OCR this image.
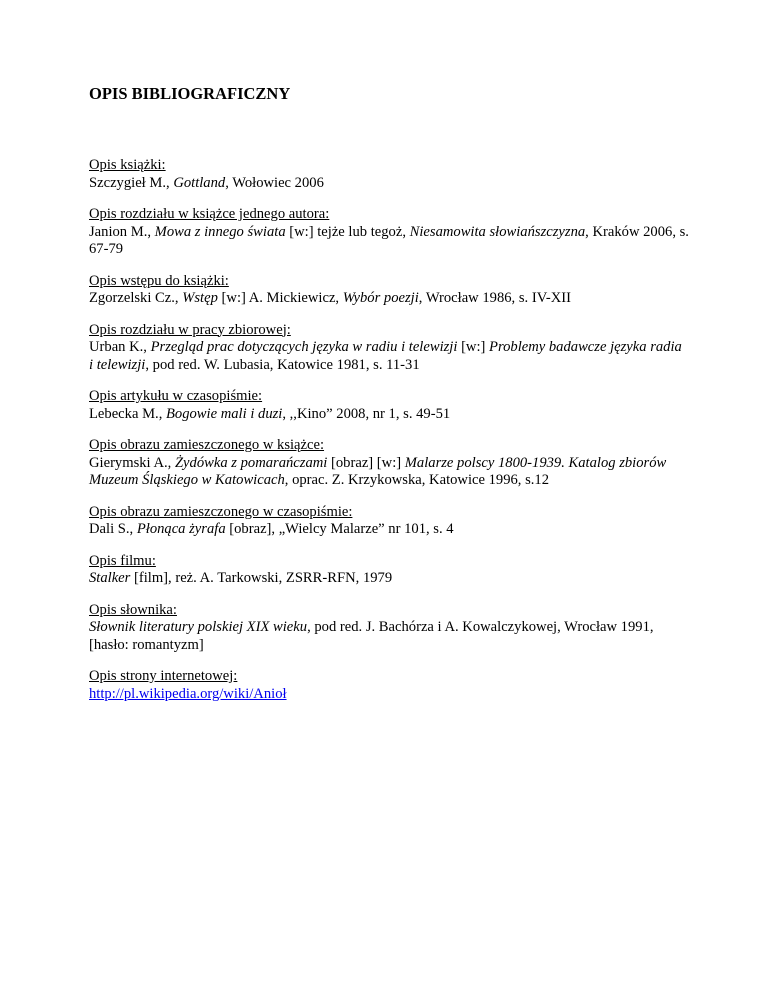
OPIS BIBLIOGRAFICZNY
Opis książki:
Szczygieł M., Gottland, Wołowiec 2006
Opis rozdziału w książce jednego autora:
Janion M., Mowa z innego świata [w:] tejże lub tegoż, Niesamowita słowiańszczyzna, Kraków 2006, s. 67-79
Opis wstępu do książki:
Zgorzelski Cz., Wstęp [w:] A. Mickiewicz, Wybór poezji, Wrocław 1986, s. IV-XII
Opis rozdziału w pracy zbiorowej:
Urban K., Przegląd prac dotyczących języka w radiu i telewizji [w:] Problemy badawcze języka radia i telewizji, pod red. W. Lubasia, Katowice 1981, s. 11-31
Opis artykułu w czasopiśmie:
Lebecka M., Bogowie mali i duzi, ,,Kino” 2008, nr 1, s. 49-51
Opis obrazu zamieszczonego w książce:
Gierymski A., Żydówka z pomarańczami [obraz] [w:] Malarze polscy 1800-1939. Katalog zbiorów Muzeum Śląskiego w Katowicach, oprac. Z. Krzykowska, Katowice 1996, s.12
Opis obrazu zamieszczonego w czasopiśmie:
Dali S., Płonąca żyrafa [obraz], „Wielcy Malarze” nr 101, s. 4
Opis filmu:
Stalker [film], reż. A. Tarkowski, ZSRR-RFN, 1979
Opis słownika:
Słownik literatury polskiej XIX wieku, pod red. J. Bachórza i A. Kowalczykowej, Wrocław 1991, [hasło: romantyzm]
Opis strony internetowej:
http://pl.wikipedia.org/wiki/Anioł
